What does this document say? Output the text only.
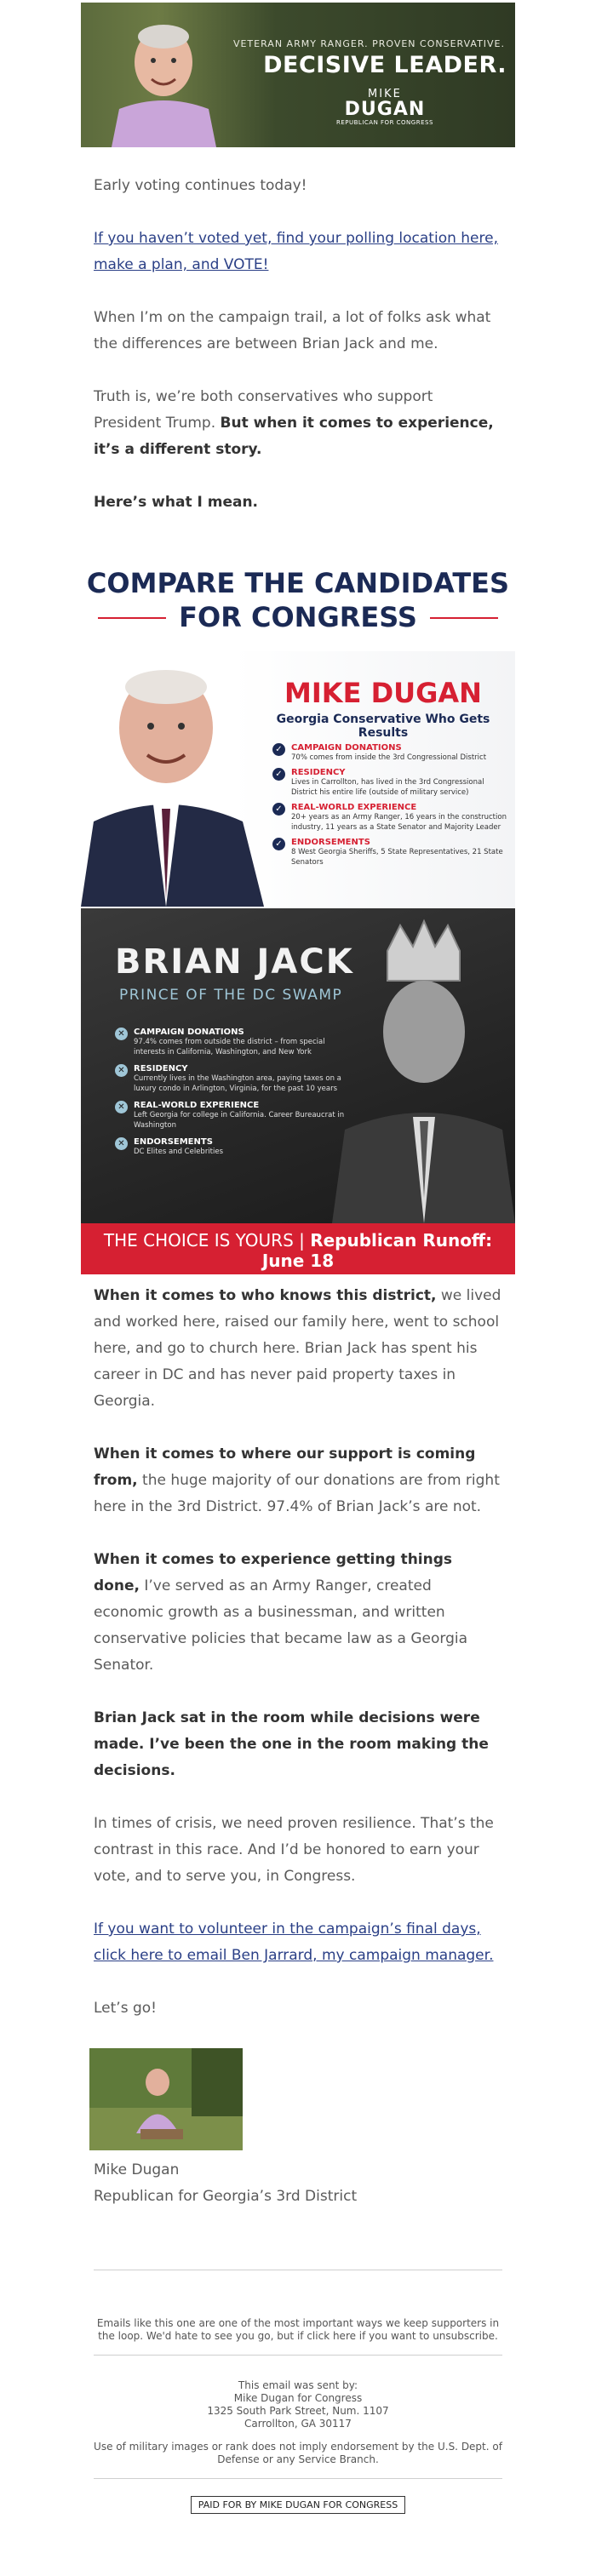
VETERAN ARMY RANGER. PROVEN CONSERVATIVE.
DECISIVE LEADER.
MIKE
DUGAN
REPUBLICAN FOR CONGRESS

Early voting continues today!

If you haven’t voted yet, find your polling location here, make a plan, and VOTE!

When I’m on the campaign trail, a lot of folks ask what the differences are between Brian Jack and me.

Truth is, we’re both conservatives who support President Trump. But when it comes to experience, it’s a different story.

Here’s what I mean.

COMPARE THE CANDIDATES
FOR CONGRESS
MIKE DUGAN
Georgia Conservative Who Gets Results
✓	CAMPAIGN DONATIONS
70% comes from inside the 3rd Congressional District
✓	RESIDENCY
Lives in Carrollton, has lived in the 3rd Congressional District his entire life (outside of military service)
✓	REAL-WORLD EXPERIENCE
20+ years as an Army Ranger, 16 years in the construction industry, 11 years as a State Senator and Majority Leader
✓	ENDORSEMENTS
8 West Georgia Sheriffs, 5 State Representatives, 21 State Senators
BRIAN JACK
PRINCE OF THE DC SWAMP
✕	CAMPAIGN DONATIONS
97.4% comes from outside the district – from special interests in California, Washington, and New York
✕	RESIDENCY
Currently lives in the Washington area, paying taxes on a luxury condo in Arlington, Virginia, for the past 10 years
✕	REAL-WORLD EXPERIENCE
Left Georgia for college in California. Career Bureaucrat in Washington
✕	ENDORSEMENTS
DC Elites and Celebrities
THE CHOICE IS YOURS | Republican Runoff: June 18

When it comes to who knows this district, we lived and worked here, raised our family here, went to school here, and go to church here. Brian Jack has spent his career in DC and has never paid property taxes in Georgia.

When it comes to where our support is coming from, the huge majority of our donations are from right here in the 3rd District. 97.4% of Brian Jack’s are not.

When it comes to experience getting things done, I’ve served as an Army Ranger, created economic growth as a businessman, and written conservative policies that became law as a Georgia Senator.

Brian Jack sat in the room while decisions were made. I’ve been the one in the room making the decisions.

In times of crisis, we need proven resilience. That’s the contrast in this race. And I’d be honored to earn your vote, and to serve you, in Congress.

If you want to volunteer in the campaign’s final days, click here to email Ben Jarrard, my campaign manager.

Let’s go!

Mike Dugan

Republican for Georgia’s 3rd District

Emails like this one are one of the most important ways we keep supporters in the loop. We'd hate to see you go, but if click here if you want to unsubscribe.
This email was sent by:
Mike Dugan for Congress
1325 South Park Street, Num. 1107
Carrollton, GA 30117
Use of military images or rank does not imply endorsement by the U.S. Dept. of Defense or any Service Branch.
PAID FOR BY MIKE DUGAN FOR CONGRESS
